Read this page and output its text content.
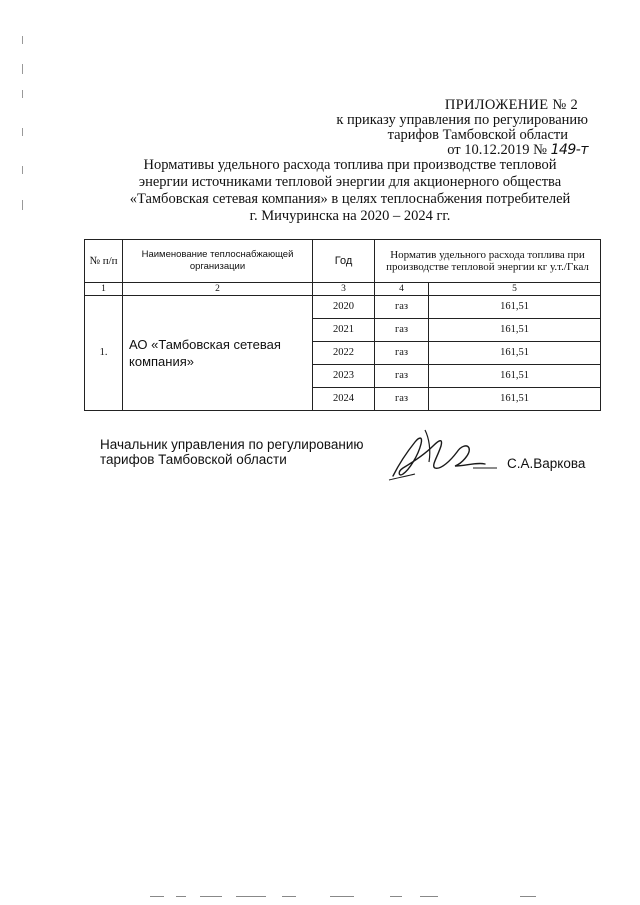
ПРИЛОЖЕНИЕ № 2
к приказу управления по регулированию
тарифов Тамбовской области
от 10.12.2019 № 149-т
Нормативы удельного расхода топлива при производстве тепловой
энергии источниками тепловой энергии для акционерного общества
«Тамбовская сетевая компания» в целях теплоснабжения потребителей
г. Мичуринска на 2020 – 2024 гг.
№ п/п	Наименование теплоснабжающей организации	Год	Норматив удельного расхода топлива при производстве тепловой энергии кг у.т./Гкал	
1	2	3	4	5
1.	АО «Тамбовская сетевая компания»	2020	газ	161,51
		2021	газ	161,51
		2022	газ	161,51
		2023	газ	161,51
		2024	газ	161,51
Начальник управления по регулированию
тарифов Тамбовской области	С.А.Варкова
